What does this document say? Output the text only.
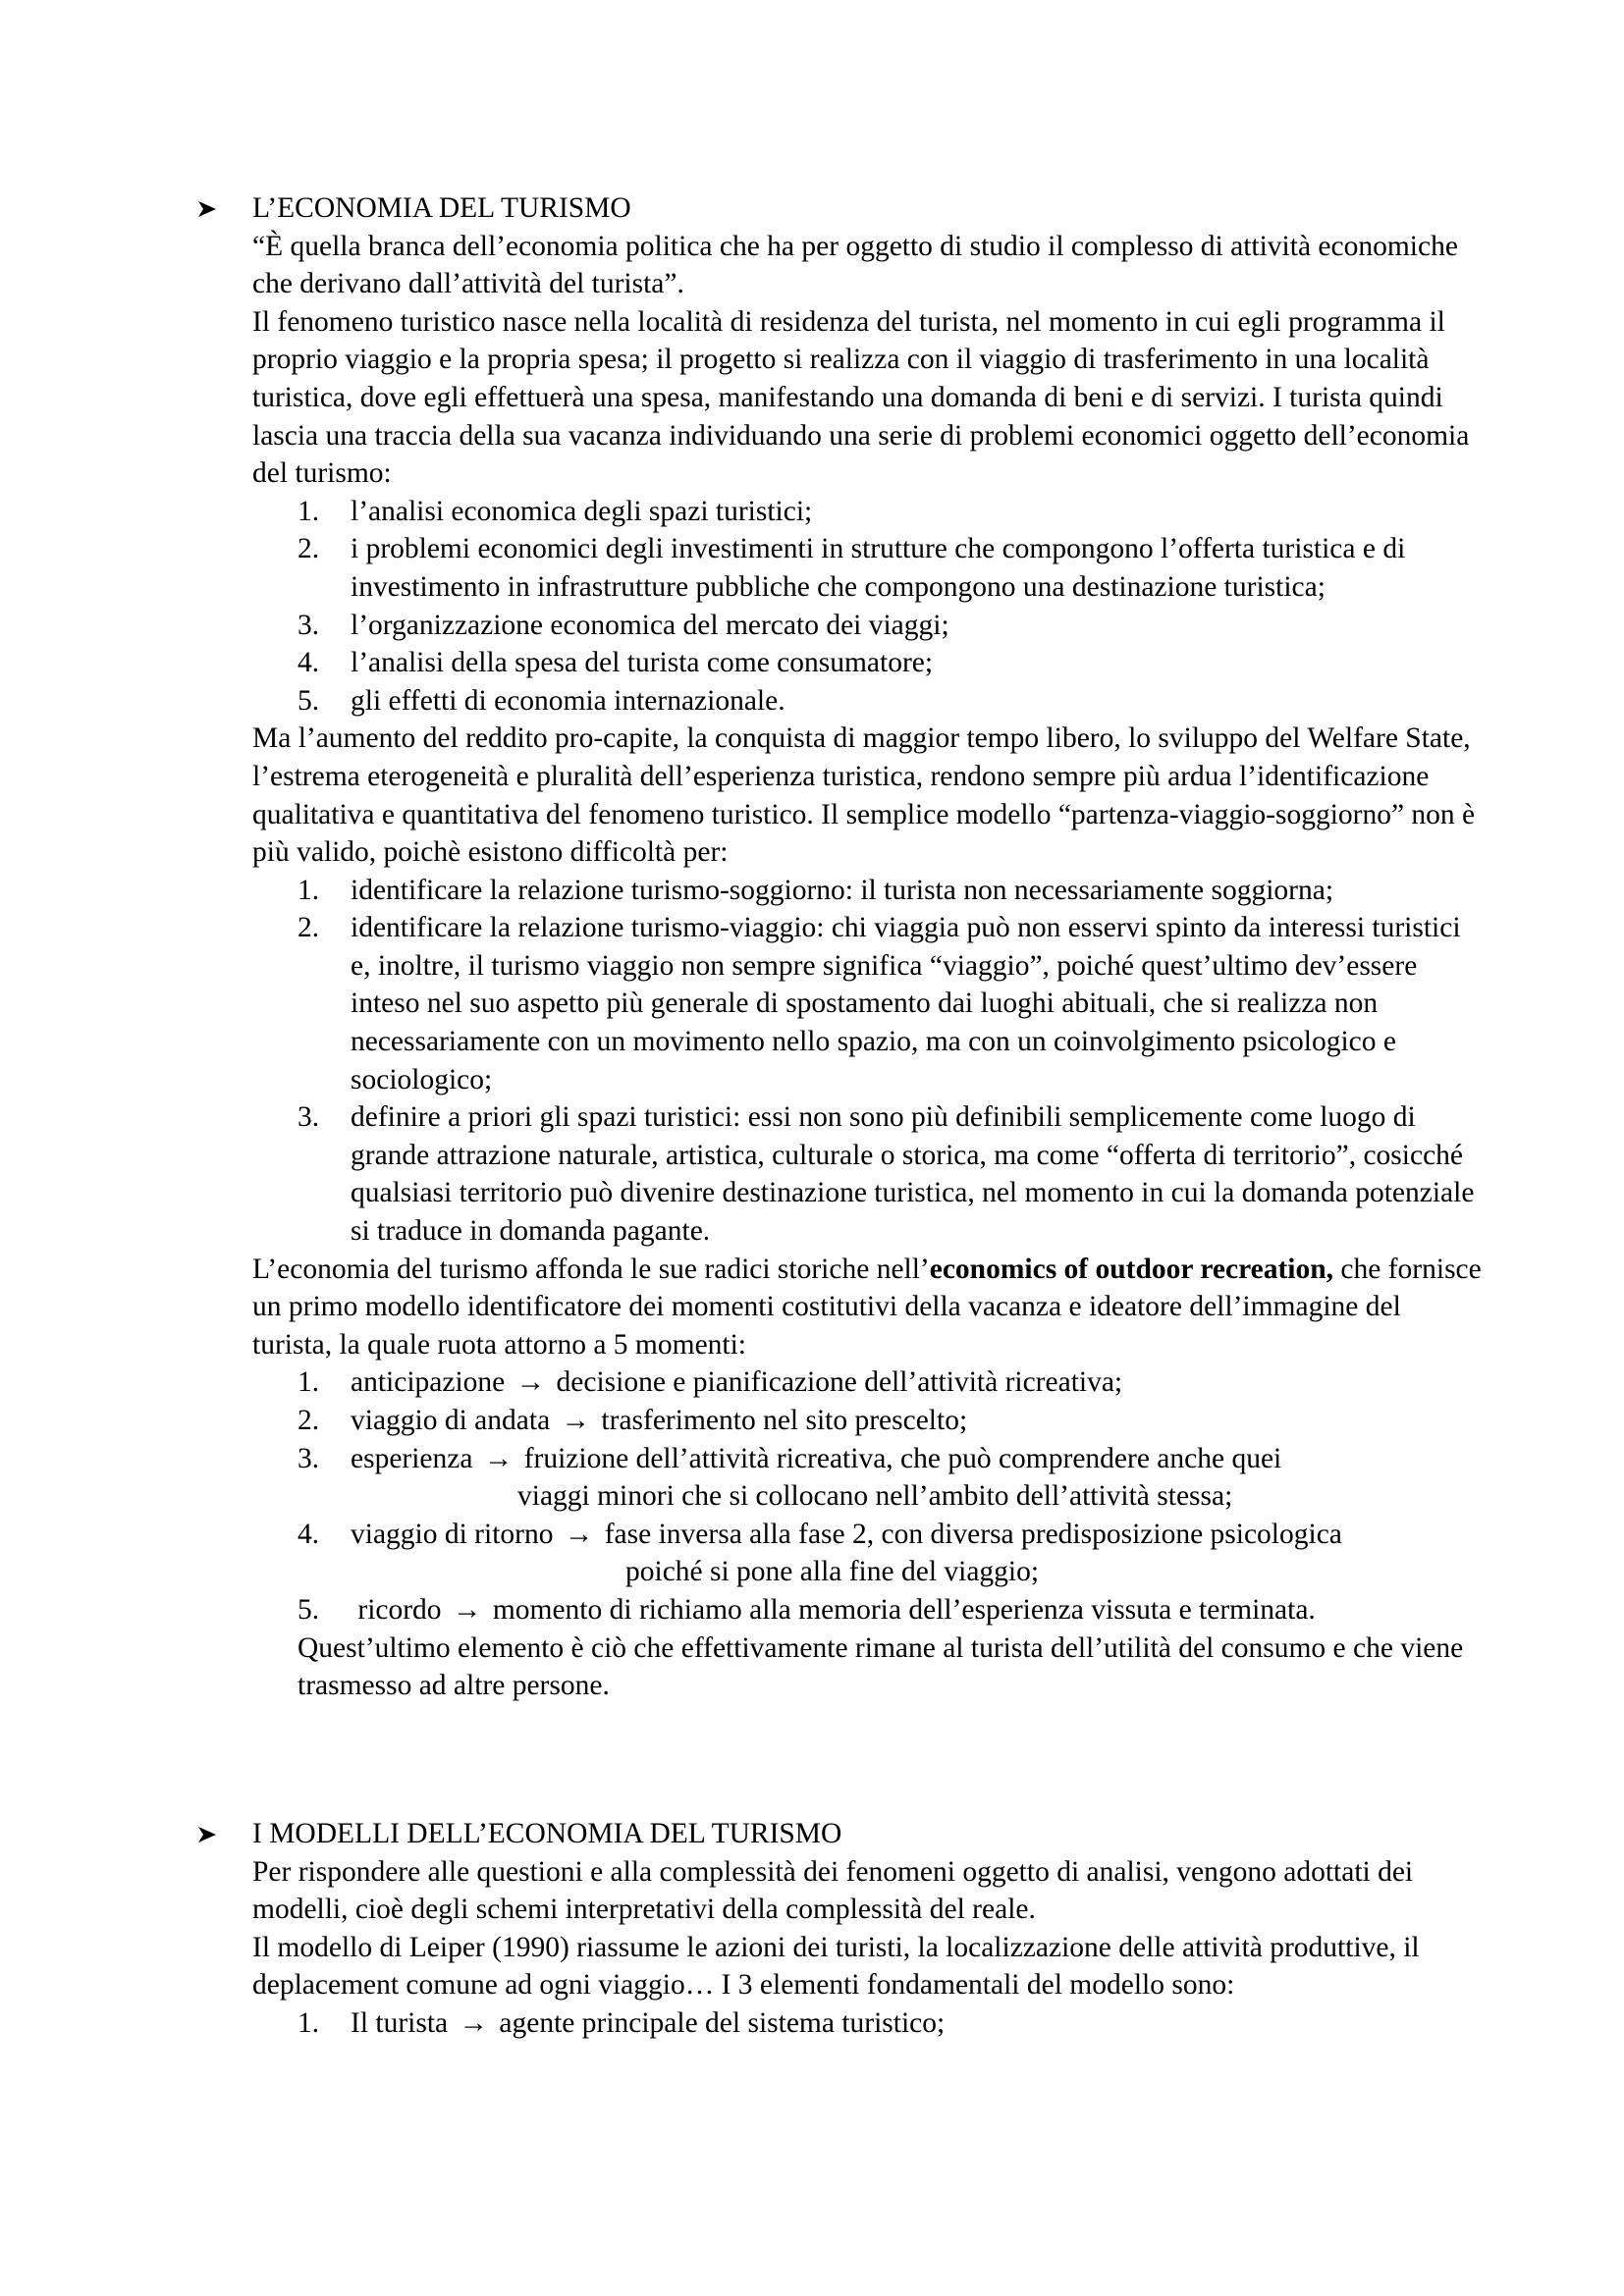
L’ECONOMIA DEL TURISMO

“È quella branca dell’economia politica che ha per oggetto di studio il complesso di attività economiche che derivano dall’attività del turista”.

Il fenomeno turistico nasce nella località di residenza del turista, nel momento in cui egli programma il proprio viaggio e la propria spesa; il progetto si realizza con il viaggio di trasferimento in una località turistica, dove egli effettuerà una spesa, manifestando una domanda di beni e di servizi. I turista quindi lascia una traccia della sua vacanza individuando una serie di problemi economici oggetto dell’economia del turismo:

1. l’analisi economica degli spazi turistici;
2. i problemi economici degli investimenti in strutture che compongono l’offerta turistica e di investimento in infrastrutture pubbliche che compongono una destinazione turistica;
3. l’organizzazione economica del mercato dei viaggi;
4. l’analisi della spesa del turista come consumatore;
5. gli effetti di economia internazionale.

Ma l’aumento del reddito pro-capite, la conquista di maggior tempo libero, lo sviluppo del Welfare State, l’estrema eterogeneità e pluralità dell’esperienza turistica, rendono sempre più ardua l’identificazione qualitativa e quantitativa del fenomeno turistico. Il semplice modello “partenza-viaggio-soggiorno” non è più valido, poichè esistono difficoltà per:

1. identificare la relazione turismo-soggiorno: il turista non necessariamente soggiorna;
2. identificare la relazione turismo-viaggio: chi viaggia può non esservi spinto da interessi turistici e, inoltre, il turismo viaggio non sempre significa “viaggio”, poiché quest’ultimo dev’essere inteso nel suo aspetto più generale di spostamento dai luoghi abituali, che si realizza non necessariamente con un movimento nello spazio, ma con un coinvolgimento psicologico e sociologico;
3. definire a priori gli spazi turistici: essi non sono più definibili semplicemente come luogo di grande attrazione naturale, artistica, culturale o storica, ma come “offerta di territorio”, cosicché qualsiasi territorio può divenire destinazione turistica, nel momento in cui la domanda potenziale si traduce in domanda pagante.

L’economia del turismo affonda le sue radici storiche nell’economics of outdoor recreation, che fornisce un primo modello identificatore dei momenti costitutivi della vacanza e ideatore dell’immagine del turista, la quale ruota attorno a 5 momenti:

1. anticipazione → decisione e pianificazione dell’attività ricreativa;
2. viaggio di andata → trasferimento nel sito prescelto;
3. esperienza → fruizione dell’attività ricreativa, che può comprendere anche quei
viaggi minori che si collocano nell’ambito dell’attività stessa;
4. viaggio di ritorno → fase inversa alla fase 2, con diversa predisposizione psicologica
poiché si pone alla fine del viaggio;
5. ricordo → momento di richiamo alla memoria dell’esperienza vissuta e terminata.

Quest’ultimo elemento è ciò che effettivamente rimane al turista dell’utilità del consumo e che viene trasmesso ad altre persone.

I MODELLI DELL’ECONOMIA DEL TURISMO

Per rispondere alle questioni e alla complessità dei fenomeni oggetto di analisi, vengono adottati dei modelli, cioè degli schemi interpretativi della complessità del reale.

Il modello di Leiper (1990) riassume le azioni dei turisti, la localizzazione delle attività produttive, il deplacement comune ad ogni viaggio… I 3 elementi fondamentali del modello sono:

1. Il turista → agente principale del sistema turistico;
